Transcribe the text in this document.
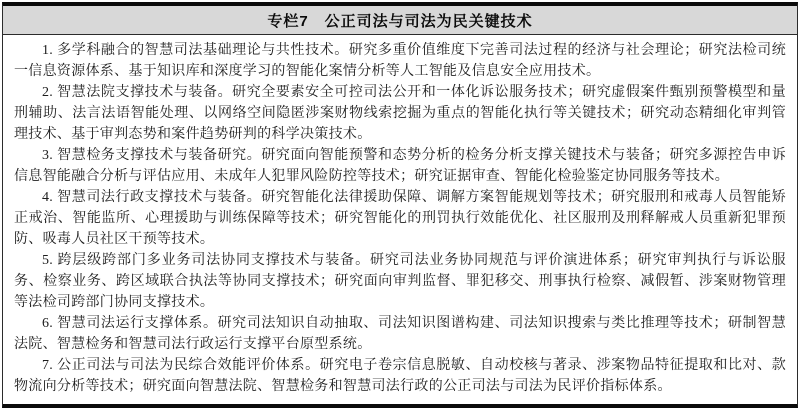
专栏7　公正司法与司法为民关键技术

1. 多学科融合的智慧司法基础理论与共性技术。研究多重价值维度下完善司法过程的经济与社会理论；研究法检司统一信息资源体系、基于知识库和深度学习的智能化案情分析等人工智能及信息安全应用技术。

2. 智慧法院支撑技术与装备。研究全要素安全可控司法公开和一体化诉讼服务技术；研究虚假案件甄别预警模型和量刑辅助、法言法语智能处理、以网络空间隐匿涉案财物线索挖掘为重点的智能化执行等关键技术；研究动态精细化审判管理技术、基于审判态势和案件趋势研判的科学决策技术。

3. 智慧检务支撑技术与装备研究。研究面向智能预警和态势分析的检务分析支撑关键技术与装备；研究多源控告申诉信息智能融合分析与评估应用、未成年人犯罪风险防控等技术；研究证据审查、智能化检验鉴定协同服务等技术。

4. 智慧司法行政支撑技术与装备。研究智能化法律援助保障、调解方案智能规划等技术；研究服刑和戒毒人员智能矫正戒治、智能监所、心理援助与训练保障等技术；研究智能化的刑罚执行效能优化、社区服刑及刑释解戒人员重新犯罪预防、吸毒人员社区干预等技术。

5. 跨层级跨部门多业务司法协同支撑技术与装备。研究司法业务协同规范与评价演进体系；研究审判执行与诉讼服务、检察业务、跨区域联合执法等协同支撑技术；研究面向审判监督、罪犯移交、刑事执行检察、减假暂、涉案财物管理等法检司跨部门协同支撑技术。

6. 智慧司法运行支撑体系。研究司法知识自动抽取、司法知识图谱构建、司法知识搜索与类比推理等技术；研制智慧法院、智慧检务和智慧司法行政运行支撑平台原型系统。

7. 公正司法与司法为民综合效能评价体系。研究电子卷宗信息脱敏、自动校核与著录、涉案物品特征提取和比对、款物流向分析等技术；研究面向智慧法院、智慧检务和智慧司法行政的公正司法与司法为民评价指标体系。
